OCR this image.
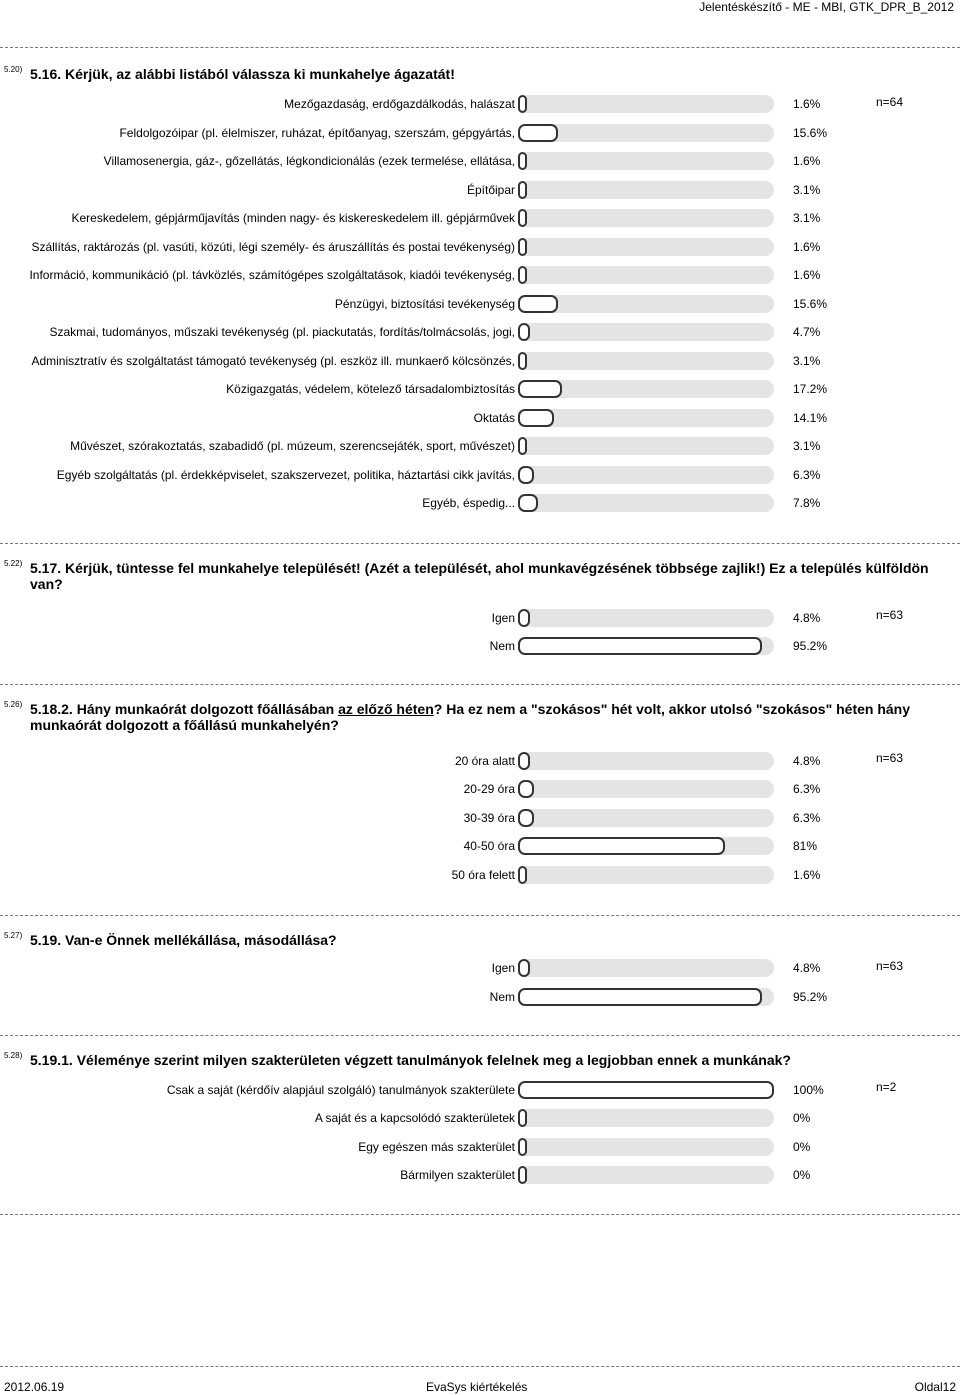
Jelentéskészítő - ME - MBI, GTK_DPR_B_2012
5.20) 5.16. Kérjük, az alábbi listából válassza ki munkahelye ágazatát!
n=64
Mezőgazdaság, erdőgazdálkodás, halászat	1.6%
Feldolgozóipar (pl. élelmiszer, ruházat, építőanyag, szerszám, gépgyártás,	15.6%
Villamosenergia, gáz-, gőzellátás, légkondicionálás (ezek termelése, ellátása,	1.6%
Építőipar	3.1%
Kereskedelem, gépjárműjavítás (minden nagy- és kiskereskedelem ill. gépjárművek	3.1%
Szállítás, raktározás (pl. vasúti, közúti, légi személy- és áruszállítás és postai tevékenység)	1.6%
Információ, kommunikáció (pl. távközlés, számítógépes szolgáltatások, kiadói tevékenység,	1.6%
Pénzügyi, biztosítási tevékenység	15.6%
Szakmai, tudományos, műszaki tevékenység (pl. piackutatás, fordítás/tolmácsolás, jogi,	4.7%
Adminisztratív és szolgáltatást támogató tevékenység (pl. eszköz ill. munkaerő kölcsönzés,	3.1%
Közigazgatás, védelem, kötelező társadalombiztosítás	17.2%
Oktatás	14.1%
Művészet, szórakoztatás, szabadidő (pl. múzeum, szerencsejáték, sport, művészet)	3.1%
Egyéb szolgáltatás (pl. érdekképviselet, szakszervezet, politika, háztartási cikk javítás,	6.3%
Egyéb, éspedig...	7.8%
5.22) 5.17. Kérjük, tüntesse fel munkahelye települését! (Azét a települését, ahol munkavégzésének többsége zajlik!) Ez a település külföldön van?
n=63
Igen	4.8%
Nem	95.2%
5.26) 5.18.2. Hány munkaórát dolgozott főállásában az előző héten? Ha ez nem a "szokásos" hét volt, akkor utolsó "szokásos" héten hány munkaórát dolgozott a főállású munkahelyén?
n=63
20 óra alatt	4.8%
20-29 óra	6.3%
30-39 óra	6.3%
40-50 óra	81%
50 óra felett	1.6%
5.27) 5.19. Van-e Önnek mellékállása, másodállása?
n=63
Igen	4.8%
Nem	95.2%
5.28) 5.19.1. Véleménye szerint milyen szakterületen végzett tanulmányok felelnek meg a legjobban ennek a munkának?
n=2
Csak a saját (kérdőív alapjául szolgáló) tanulmányok szakterülete	100%
A saját és a kapcsolódó szakterületek	0%
Egy egészen más szakterület	0%
Bármilyen szakterület	0%
2012.06.19	EvaSys kiértékelés	Oldal12
